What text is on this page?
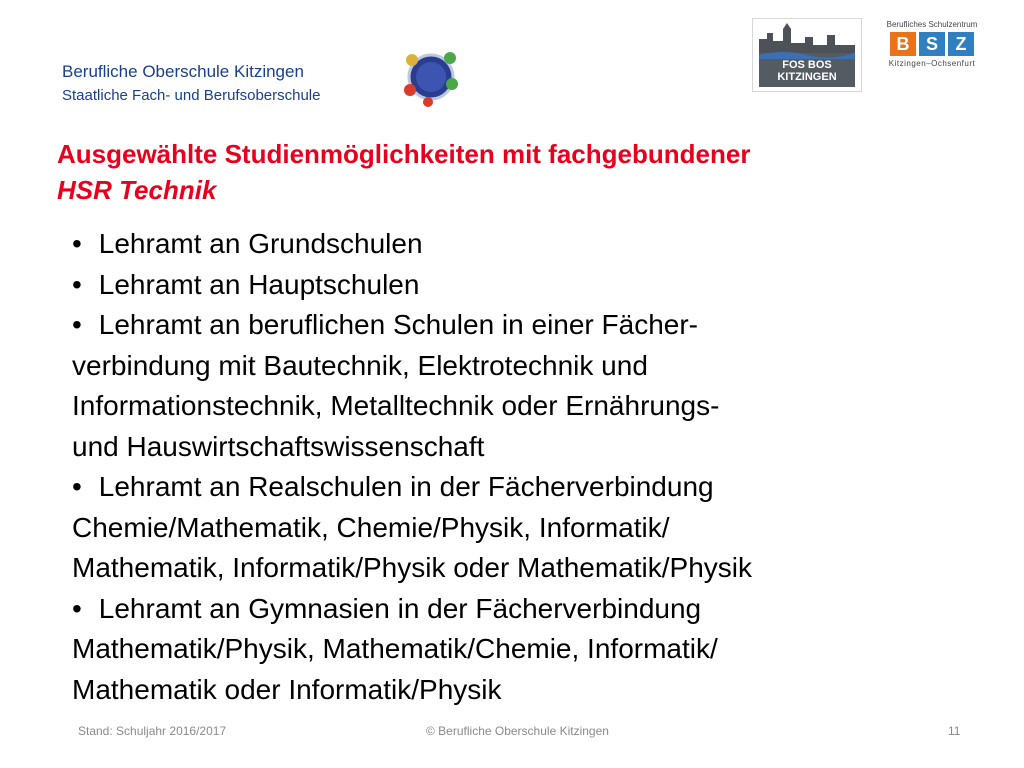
Berufliche Oberschule Kitzingen
Staatliche Fach- und Berufsoberschule
FOS BOS
KITZINGEN
Berufliches Schulzentrum
B S Z
Kitzingen–Ochsenfurt
Ausgewählte Studienmöglichkeiten mit fachgebundener
HSR Technik
• Lehramt an Grundschulen
• Lehramt an Hauptschulen
• Lehramt an beruflichen Schulen in einer Fächer-
verbindung mit Bautechnik, Elektrotechnik und
Informationstechnik, Metalltechnik oder Ernährungs-
und Hauswirtschaftswissenschaft
• Lehramt an Realschulen in der Fächerverbindung
Chemie/Mathematik, Chemie/Physik, Informatik/
Mathematik, Informatik/Physik oder Mathematik/Physik
• Lehramt an Gymnasien in der Fächerverbindung
Mathematik/Physik, Mathematik/Chemie, Informatik/
Mathematik oder Informatik/Physik
Stand: Schuljahr 2016/2017	© Berufliche Oberschule Kitzingen	11
